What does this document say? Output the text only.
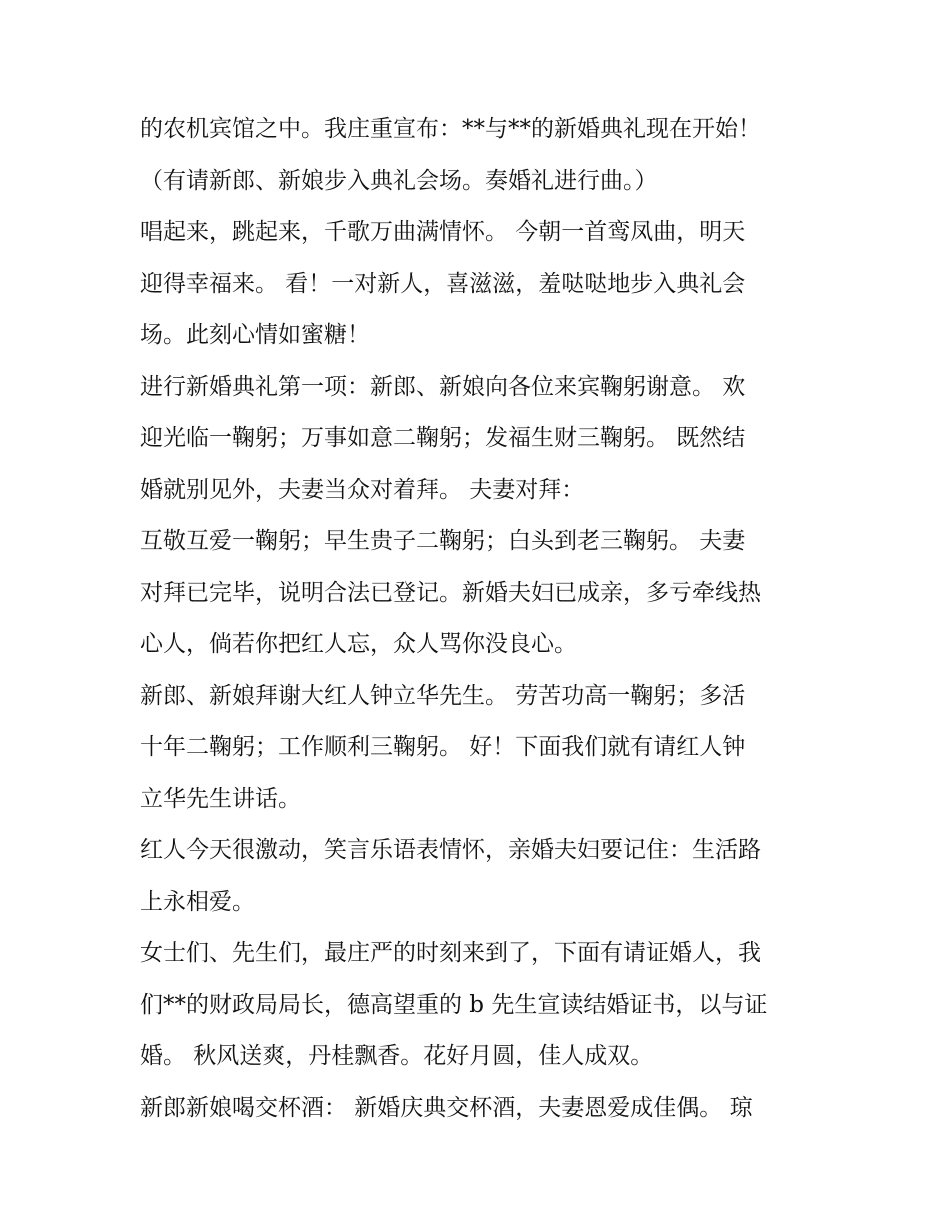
的农机宾馆之中。我庄重宣布：**与**的新婚典礼现在开始！
（有请新郎、新娘步入典礼会场。奏婚礼进行曲。）
唱起来，跳起来，千歌万曲满情怀。 今朝一首鸾凤曲，明天
迎得幸福来。 看！一对新人，喜滋滋，羞哒哒地步入典礼会
场。此刻心情如蜜糖！
进行新婚典礼第一项：新郎、新娘向各位来宾鞠躬谢意。 欢
迎光临一鞠躬；万事如意二鞠躬；发福生财三鞠躬。 既然结
婚就别见外，夫妻当众对着拜。 夫妻对拜：
互敬互爱一鞠躬；早生贵子二鞠躬；白头到老三鞠躬。 夫妻
对拜已完毕，说明合法已登记。新婚夫妇已成亲，多亏牵线热
心人，倘若你把红人忘，众人骂你没良心。
新郎、新娘拜谢大红人钟立华先生。 劳苦功高一鞠躬；多活
十年二鞠躬；工作顺利三鞠躬。 好！下面我们就有请红人钟
立华先生讲话。
红人今天很激动，笑言乐语表情怀，亲婚夫妇要记住：生活路
上永相爱。
女士们、先生们，最庄严的时刻来到了，下面有请证婚人，我
们**的财政局局长，德高望重的 b 先生宣读结婚证书，以与证
婚。 秋风送爽，丹桂飘香。花好月圆，佳人成双。
新郎新娘喝交杯酒： 新婚庆典交杯酒，夫妻恩爱成佳偶。 琼
